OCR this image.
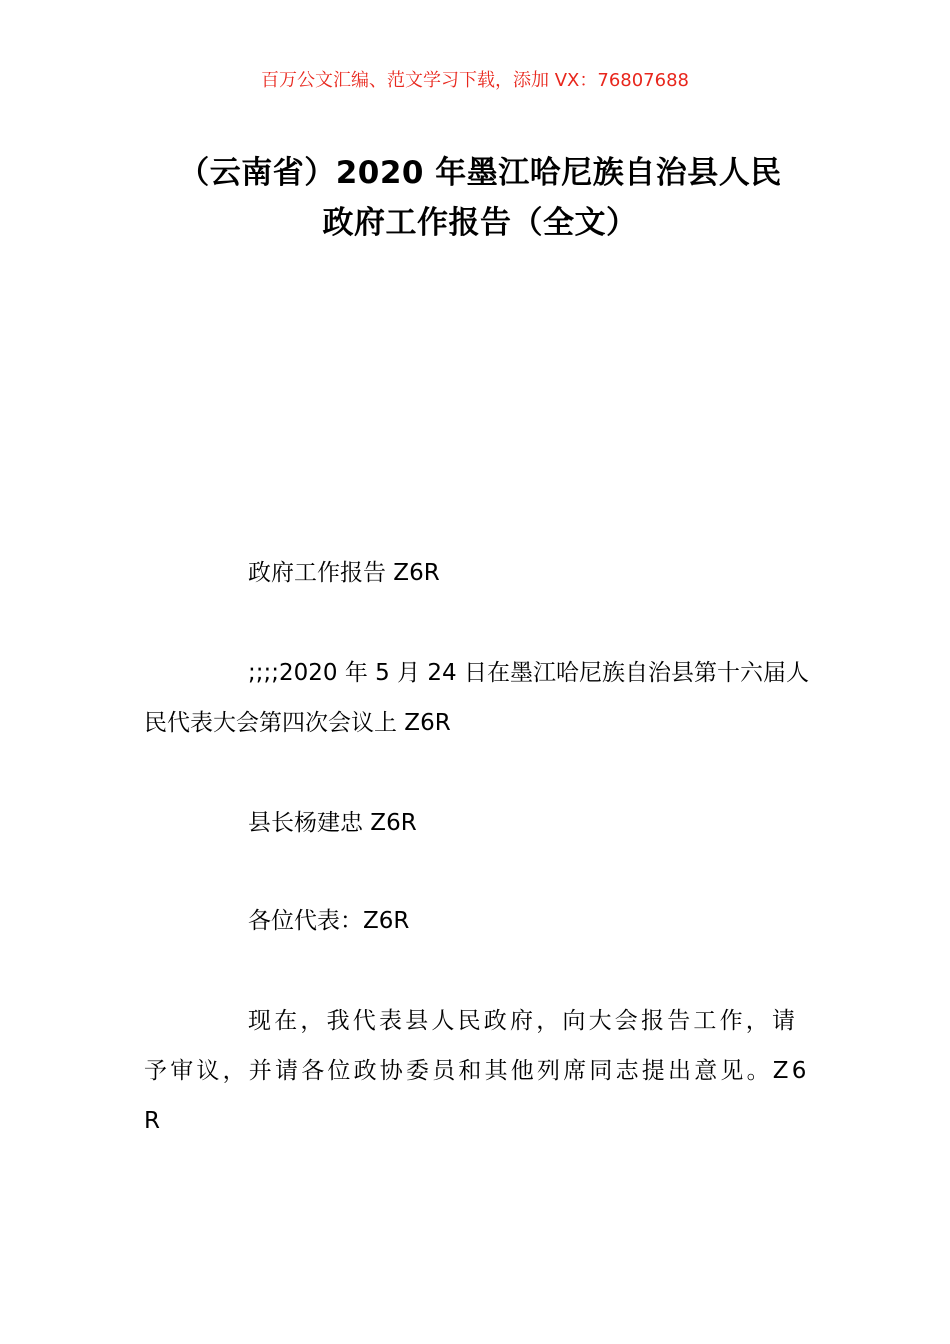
百万公文汇编、范文学习下载，添加 VX：76807688
（云南省）2020 年墨江哈尼族自治县人民
政府工作报告（全文）

政府工作报告 Z6R

;;;;2020 年 5 月 24 日在墨江哈尼族自治县第十六届人民代表大会第四次会议上 Z6R

县长杨建忠 Z6R

各位代表：Z6R

现在，我代表县人民政府，向大会报告工作，请予审议，并请各位政协委员和其他列席同志提出意见。Z6R
